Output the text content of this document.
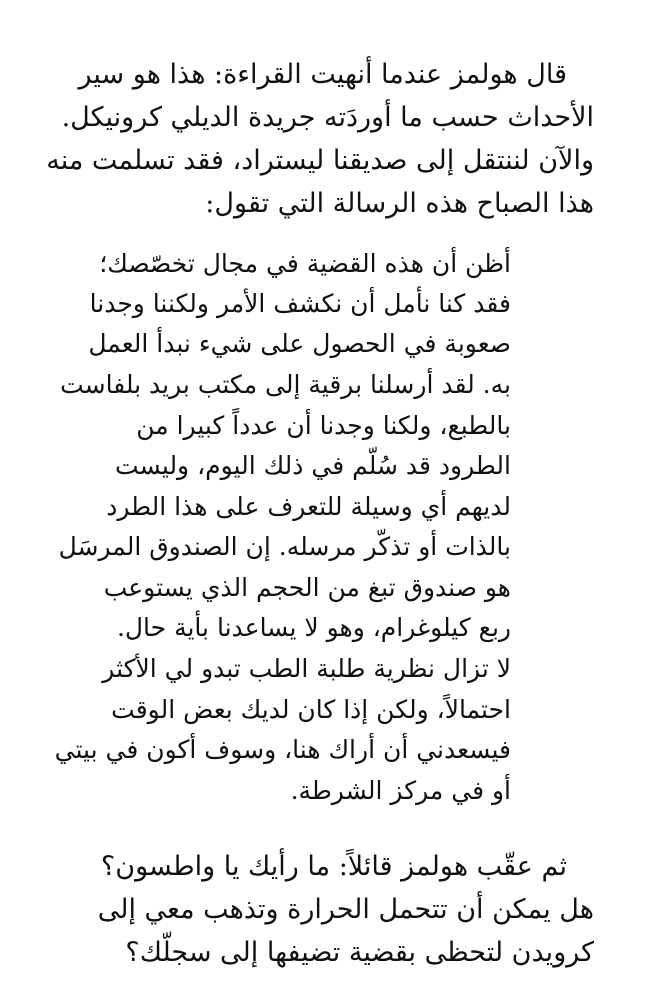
قال هولمز عندما أنهيت القراءة: هذا هو سير
الأحداث حسب ما أوردَته جريدة الديلي كرونيكل.
والآن لننتقل إلى صديقنا ليستراد، فقد تسلمت منه
هذا الصباح هذه الرسالة التي تقول:
أظن أن هذه القضية في مجال تخصّصك؛
فقد كنا نأمل أن نكشف الأمر ولكننا وجدنا
صعوبة في الحصول على شيء نبدأ العمل
به. لقد أرسلنا برقية إلى مكتب بريد بلفاست
بالطبع، ولكنا وجدنا أن عدداً كبيرا من
الطرود قد سُلّم في ذلك اليوم، وليست
لديهم أي وسيلة للتعرف على هذا الطرد
بالذات أو تذكّر مرسله. إن الصندوق المرسَل
هو صندوق تبغ من الحجم الذي يستوعب
ربع كيلوغرام، وهو لا يساعدنا بأية حال.
لا تزال نظرية طلبة الطب تبدو لي الأكثر
احتمالاً، ولكن إذا كان لديك بعض الوقت
فيسعدني أن أراك هنا، وسوف أكون في بيتي
أو في مركز الشرطة.
ثم عقّب هولمز قائلاً: ما رأيك يا واطسون؟
هل يمكن أن تتحمل الحرارة وتذهب معي إلى
كرويدن لتحظى بقضية تضيفها إلى سجلّك؟
